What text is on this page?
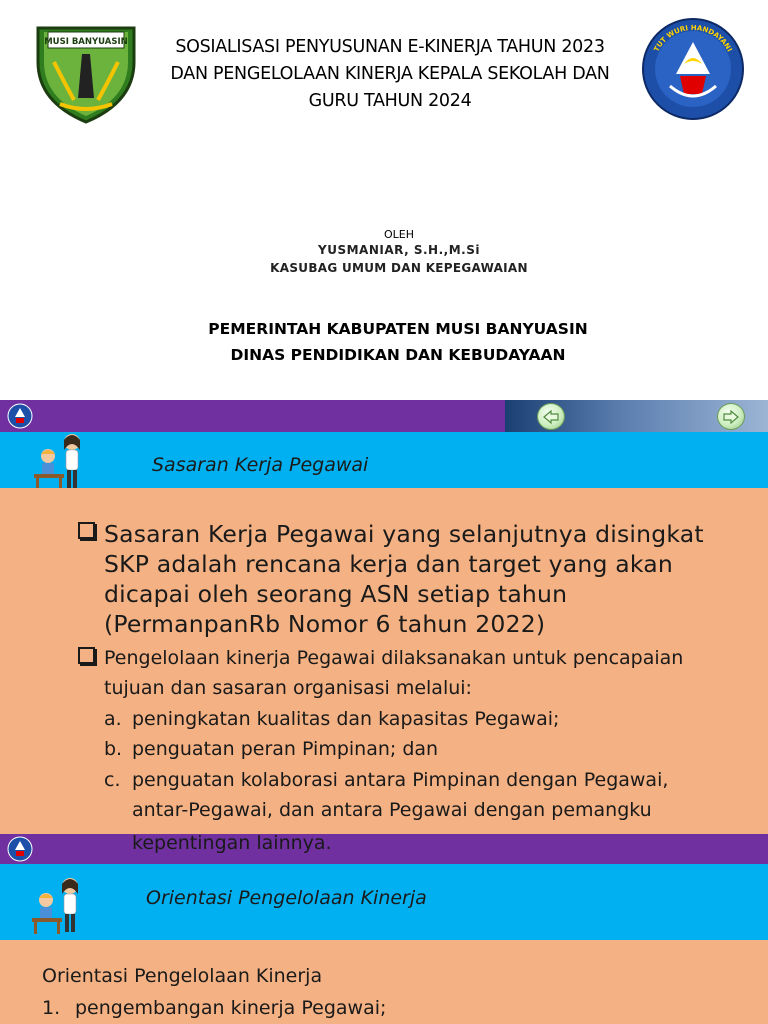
MUSI BANYUASIN	SOSIALISASI PENYUSUNAN E-KINERJA TAHUN 2023
DAN PENGELOLAAN KINERJA KEPALA SEKOLAH DAN
GURU TAHUN 2024
TUT WURI HANDAYANI
OLEH
YUSMANIAR, S.H.,M.Si
KASUBAG UMUM DAN KEPEGAWAIAN
PEMERINTAH KABUPATEN MUSI BANYUASIN
DINAS PENDIDIKAN DAN KEBUDAYAAN
Sasaran Kerja Pegawai
Sasaran Kerja Pegawai yang selanjutnya disingkat
SKP adalah rencana kerja dan target yang akan
dicapai oleh seorang ASN setiap tahun
(PermanpanRb Nomor 6 tahun 2022)
Pengelolaan kinerja Pegawai dilaksanakan untuk pencapaian
tujuan dan sasaran organisasi melalui:
a. peningkatan kualitas dan kapasitas Pegawai;
b. penguatan peran Pimpinan; dan
c. penguatan kolaborasi antara Pimpinan dengan Pegawai,
antar-Pegawai, dan antara Pegawai dengan pemangku
kepentingan lainnya.
Orientasi Pengelolaan Kinerja
Orientasi Pengelolaan Kinerja
1. pengembangan kinerja Pegawai;
